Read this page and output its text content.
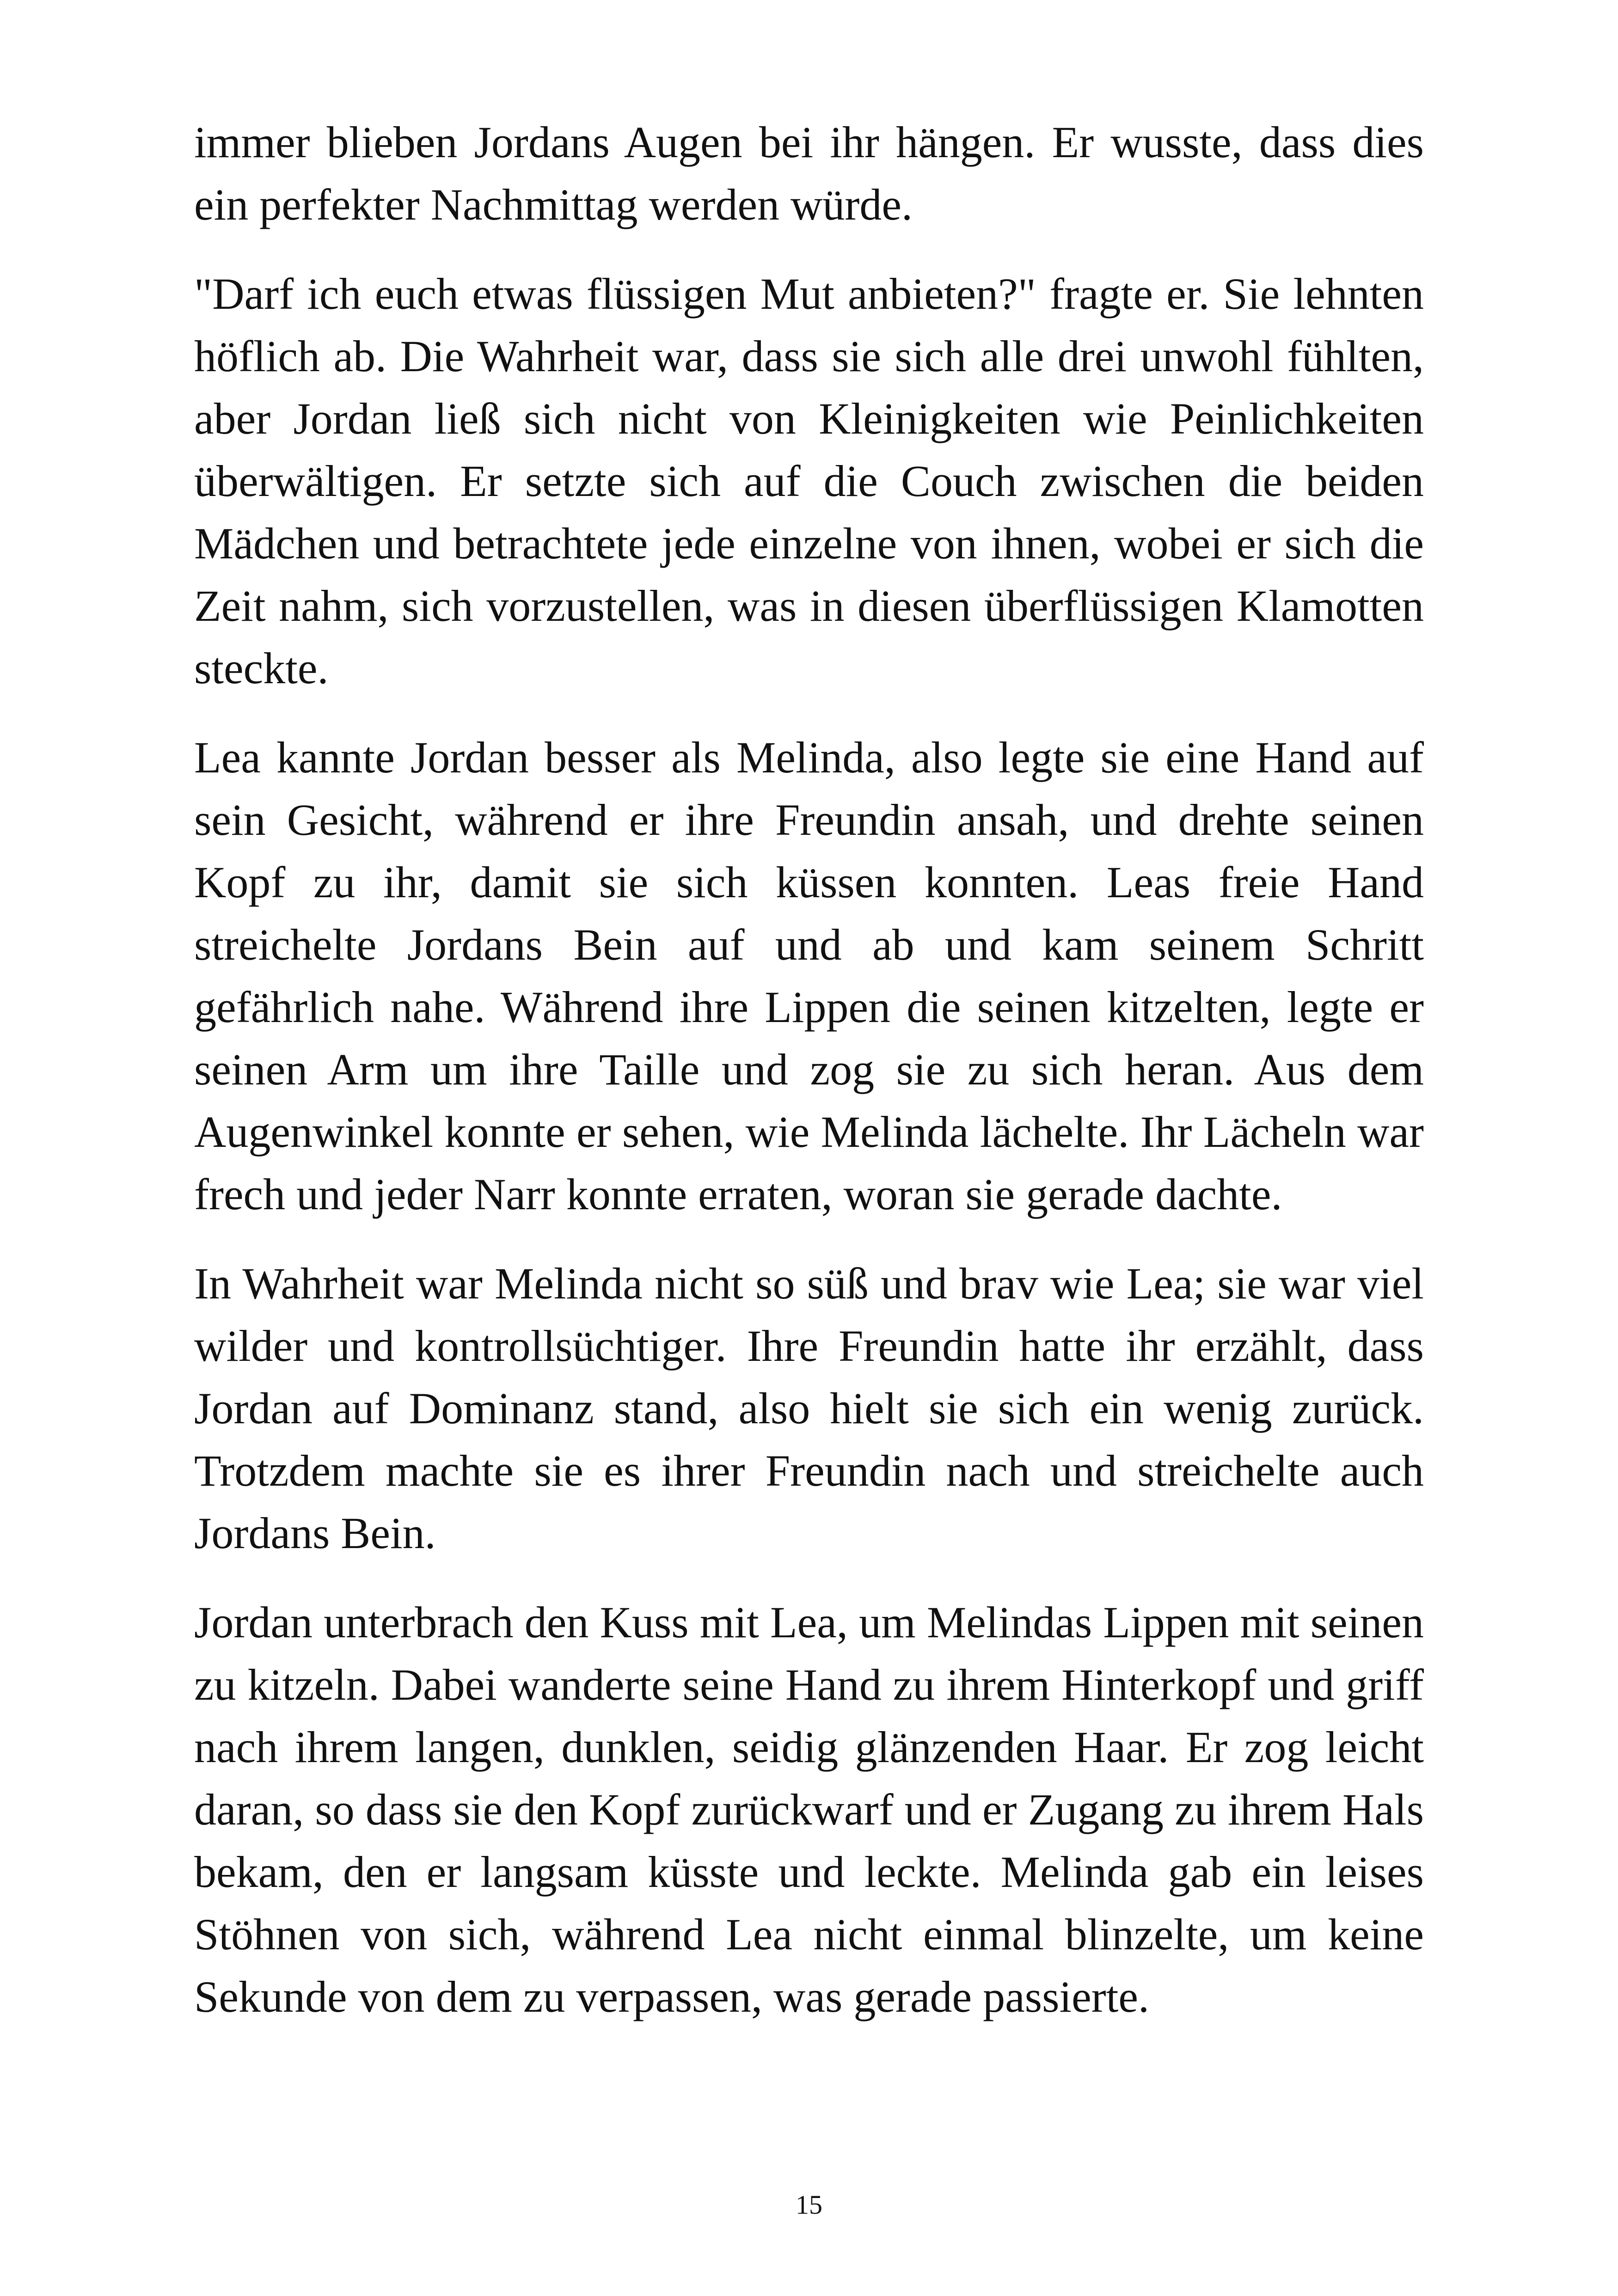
immer blieben Jordans Augen bei ihr hängen. Er wusste, dass dies ein perfekter Nachmittag werden würde.

"Darf ich euch etwas flüssigen Mut anbieten?" fragte er. Sie lehnten höflich ab. Die Wahrheit war, dass sie sich alle drei unwohl fühlten, aber Jordan ließ sich nicht von Kleinigkeiten wie Peinlichkeiten überwältigen. Er setzte sich auf die Couch zwischen die beiden Mädchen und betrachtete jede einzelne von ihnen, wobei er sich die Zeit nahm, sich vorzustellen, was in diesen überflüssigen Klamotten steckte.

Lea kannte Jordan besser als Melinda, also legte sie eine Hand auf sein Gesicht, während er ihre Freundin ansah, und drehte seinen Kopf zu ihr, damit sie sich küssen konnten. Leas freie Hand streichelte Jordans Bein auf und ab und kam seinem Schritt gefährlich nahe. Während ihre Lippen die seinen kitzelten, legte er seinen Arm um ihre Taille und zog sie zu sich heran. Aus dem Augenwinkel konnte er sehen, wie Melinda lächelte. Ihr Lächeln war frech und jeder Narr konnte erraten, woran sie gerade dachte.

In Wahrheit war Melinda nicht so süß und brav wie Lea; sie war viel wilder und kontrollsüchtiger. Ihre Freundin hatte ihr erzählt, dass Jordan auf Dominanz stand, also hielt sie sich ein wenig zurück. Trotzdem machte sie es ihrer Freundin nach und streichelte auch Jordans Bein.

Jordan unterbrach den Kuss mit Lea, um Melindas Lippen mit seinen zu kitzeln. Dabei wanderte seine Hand zu ihrem Hinterkopf und griff nach ihrem langen, dunklen, seidig glänzenden Haar. Er zog leicht daran, so dass sie den Kopf zurückwarf und er Zugang zu ihrem Hals bekam, den er langsam küsste und leckte. Melinda gab ein leises Stöhnen von sich, während Lea nicht einmal blinzelte, um keine Sekunde von dem zu verpassen, was gerade passierte.

15
